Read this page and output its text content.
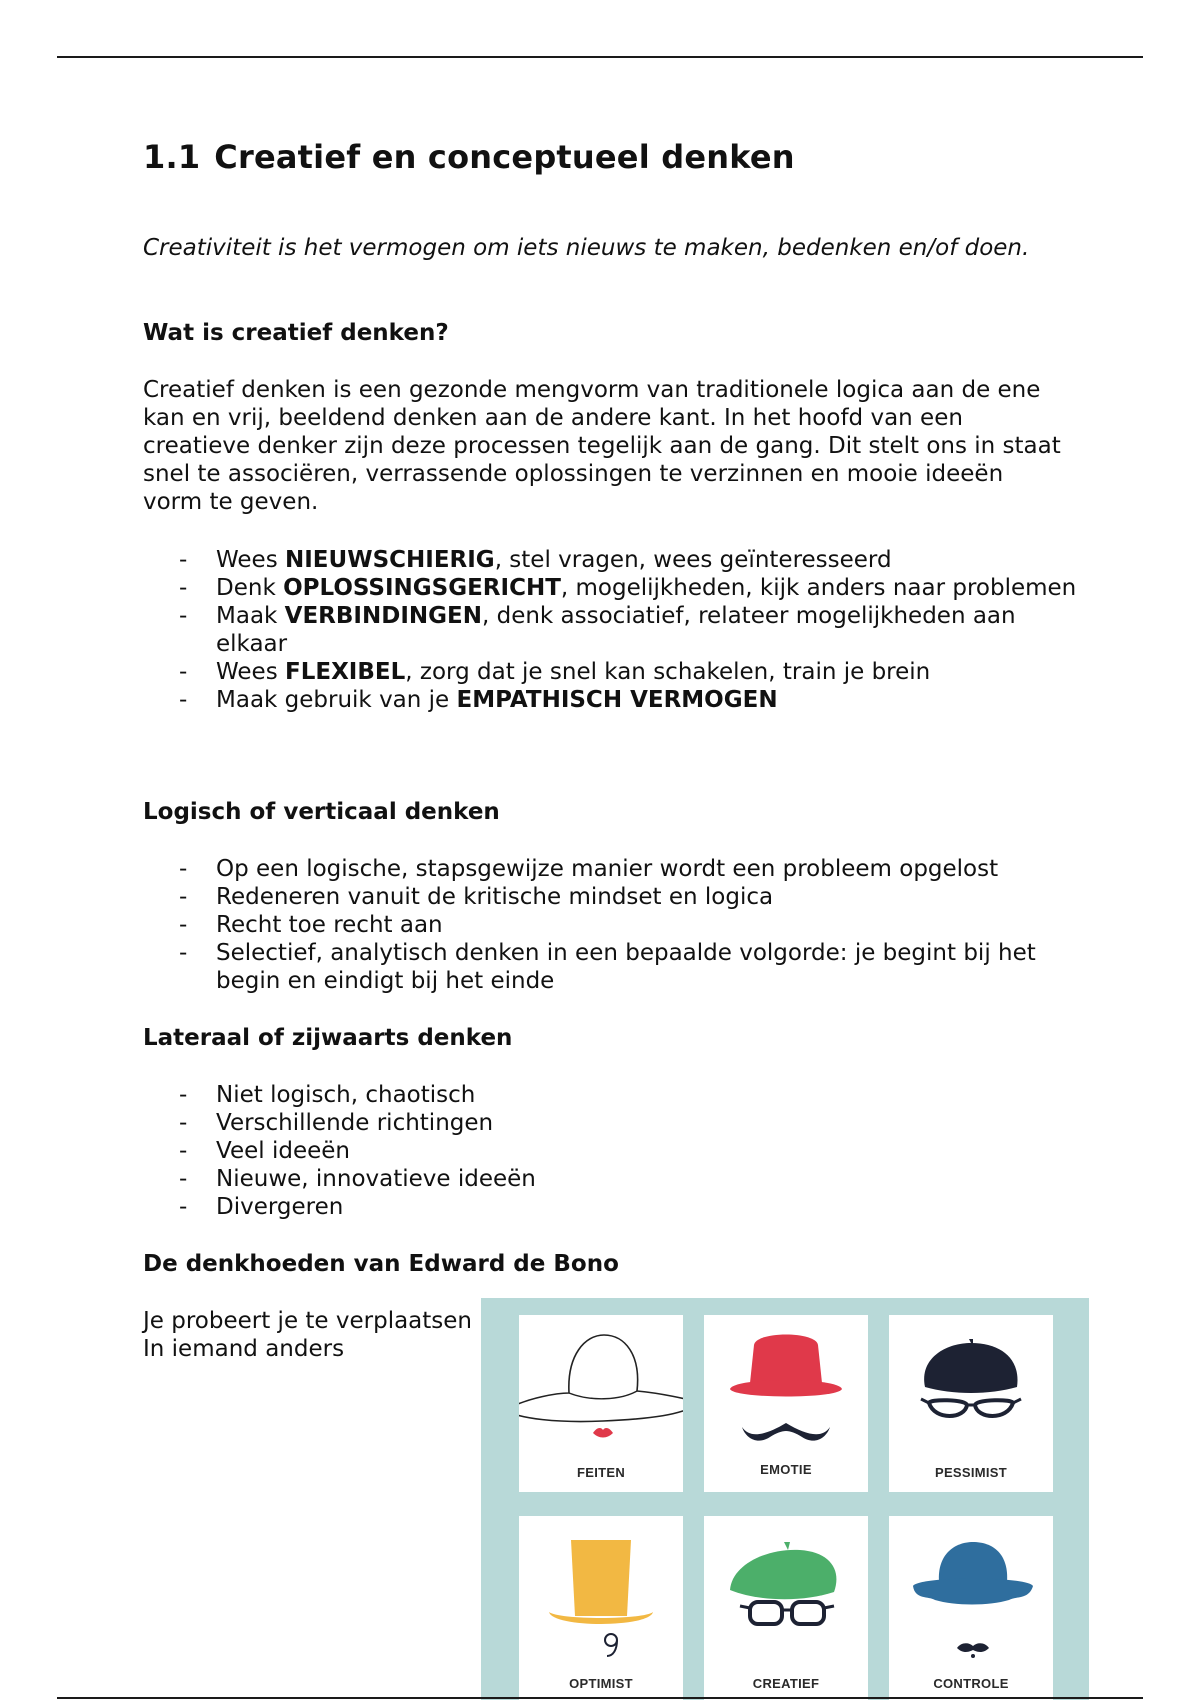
1.1 Creatief en conceptueel denken

Creativiteit is het vermogen om iets nieuws te maken, bedenken en/of doen.

Wat is creatief denken?

Creatief denken is een gezonde mengvorm van traditionele logica aan de ene kan en vrij, beeldend denken aan de andere kant. In het hoofd van een creatieve denker zijn deze processen tegelijk aan de gang. Dit stelt ons in staat snel te associëren, verrassende oplossingen te verzinnen en mooie ideeën vorm te geven.

- Wees NIEUWSCHIERIG, stel vragen, wees geïnteresseerd
- Denk OPLOSSINGSGERICHT, mogelijkheden, kijk anders naar problemen
- Maak VERBINDINGEN, denk associatief, relateer mogelijkheden aan elkaar
- Wees FLEXIBEL, zorg dat je snel kan schakelen, train je brein
- Maak gebruik van je EMPATHISCH VERMOGEN
Logisch of verticaal denken
- Op een logische, stapsgewijze manier wordt een probleem opgelost
- Redeneren vanuit de kritische mindset en logica
- Recht toe recht aan
- Selectief, analytisch denken in een bepaalde volgorde: je begint bij het begin en eindigt bij het einde
Lateraal of zijwaarts denken
- Niet logisch, chaotisch
- Verschillende richtingen
- Veel ideeën
- Nieuwe, innovatieve ideeën
- Divergeren
De denkhoeden van Edward de Bono

Je probeert je te verplaatsen
In iemand anders

FEITEN	EMOTIE	PESSIMIST
OPTIMIST	CREATIEF	CONTROLE
